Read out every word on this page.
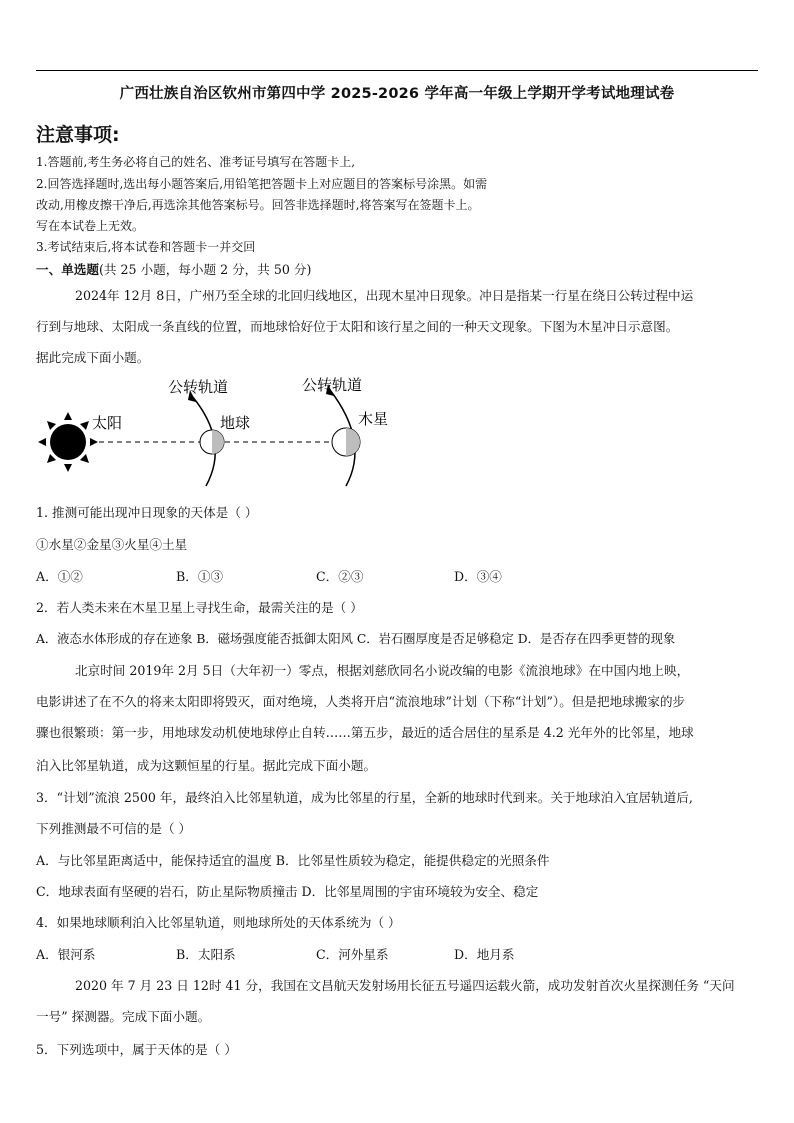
广西壮族自治区钦州市第四中学 2025-2026 学年高一年级上学期开学考试地理试卷
注意事项:
1.答题前,考生务必将自己的姓名、准考证号填写在答题卡上,
2.回答选择题时,选出每小题答案后,用铅笔把答题卡上对应题目的答案标号涂黑。如需
改动,用橡皮擦干净后,再选涂其他答案标号。回答非选择题时,将答案写在签题卡上。
写在本试卷上无效。
3.考试结束后,将本试卷和答题卡一并交回
一、单选题(共 25 小题，每小题 2 分，共 50 分)
2024年 12月 8日，广州乃至全球的北回归线地区，出现木星冲日现象。冲日是指某一行星在绕日公转过程中运
行到与地球、太阳成一条直线的位置，而地球恰好位于太阳和该行星之间的一种天文现象。下图为木星冲日示意图。
据此完成下面小题。
太阳
公转轨道
地球
公转轨道
木星
1. 推测可能出现冲日现象的天体是（ ）
①水星②金星③火星④土星
A．①②	B．①③	C．②③	D．③④
2．若人类未来在木星卫星上寻找生命，最需关注的是（ ）
A．液态水体形成的存在迹象 B．磁场强度能否抵御太阳风 C．岩石圈厚度是否足够稳定 D．是否存在四季更替的现象
北京时间 2019年 2月 5日（大年初一）零点，根据刘慈欣同名小说改编的电影《流浪地球》在中国内地上映，
电影讲述了在不久的将来太阳即将毁灭，面对绝境，人类将开启“流浪地球”计划（下称“计划”）。但是把地球搬家的步
骤也很繁琐：第一步，用地球发动机使地球停止自转……第五步，最近的适合居住的星系是 4.2 光年外的比邻星，地球
泊入比邻星轨道，成为这颗恒星的行星。据此完成下面小题。
3．“计划”流浪 2500 年，最终泊入比邻星轨道，成为比邻星的行星，全新的地球时代到来。关于地球泊入宜居轨道后,
下列推测最不可信的是（ ）
A．与比邻星距离适中，能保持适宜的温度 B．比邻星性质较为稳定，能提供稳定的光照条件
C．地球表面有坚硬的岩石，防止星际物质撞击 D．比邻星周围的宇宙环境较为安全、稳定
4．如果地球顺利泊入比邻星轨道，则地球所处的天体系统为（ ）
A．银河系	B．太阳系	C．河外星系	D．地月系
2020 年 7 月 23 日 12时 41 分，我国在文昌航天发射场用长征五号遥四运载火箭，成功发射首次火星探测任务 “天问
一号” 探测器。完成下面小题。
5．下列选项中，属于天体的是（ ）
